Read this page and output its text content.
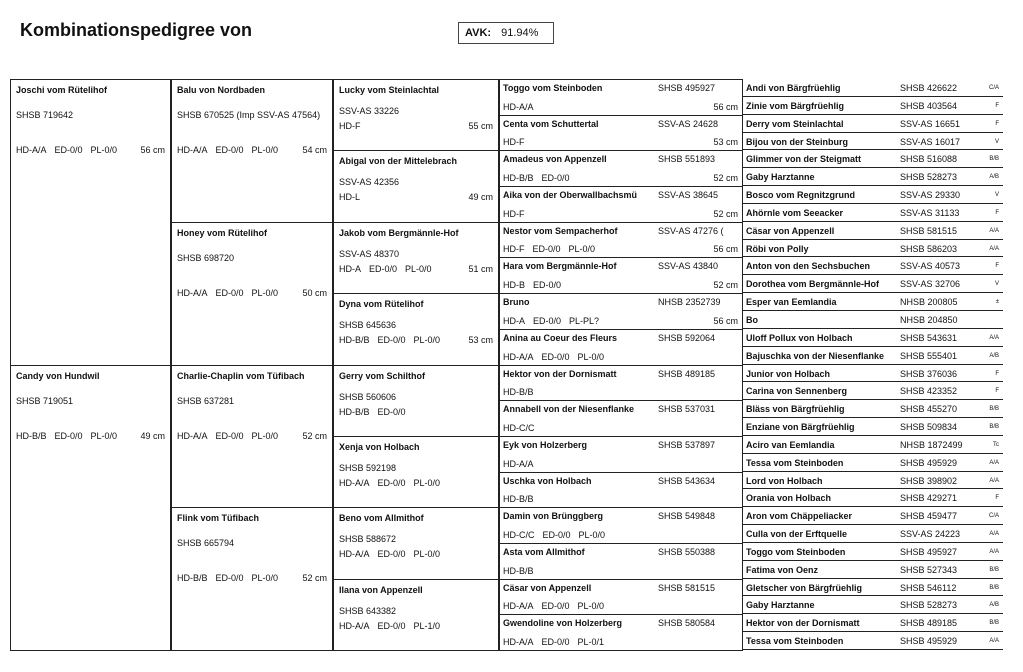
Kombinationspedigree von	AVK: 91.94%
Joschi vom Rütelihof
SHSB 719642
HD-A/A ED-0/0 PL-0/0	56 cm
Candy von Hundwil
SHSB 719051
HD-B/B ED-0/0 PL-0/0	49 cm
Balu von Nordbaden
SHSB 670525 (Imp SSV-AS 47564)
HD-A/A ED-0/0 PL-0/0	54 cm
Honey vom Rütelihof
SHSB 698720
HD-A/A ED-0/0 PL-0/0	50 cm
Charlie-Chaplin vom Tüfibach
SHSB 637281
HD-A/A ED-0/0 PL-0/0	52 cm
Flink vom Tüfibach
SHSB 665794
HD-B/B ED-0/0 PL-0/0	52 cm
Lucky vom Steinlachtal
SSV-AS 33226
HD-F	55 cm
Abigal von der Mittelebrach
SSV-AS 42356
HD-L	49 cm
Jakob vom Bergmännle-Hof
SSV-AS 48370
HD-A ED-0/0 PL-0/0	51 cm
Dyna vom Rütelihof
SHSB 645636
HD-B/B ED-0/0 PL-0/0	53 cm
Gerry vom Schilthof
SHSB 560606
HD-B/B ED-0/0
Xenja von Holbach
SHSB 592198
HD-A/A ED-0/0 PL-0/0
Beno vom Allmithof
SHSB 588672
HD-A/A ED-0/0 PL-0/0
Ilana von Appenzell
SHSB 643382
HD-A/A ED-0/0 PL-1/0
Toggo vom Steinboden	SHSB 495927
HD-A/A	56 cm
Centa vom Schuttertal	SSV-AS 24628
HD-F	53 cm
Amadeus von Appenzell	SHSB 551893
HD-B/B ED-0/0	52 cm
Aika von der Oberwallbachsmü SSV-AS 38645
HD-F	52 cm
Nestor vom Sempacherhof	SSV-AS 47276 (
HD-F ED-0/0 PL-0/0	56 cm
Hara vom Bergmännle-Hof	SSV-AS 43840
HD-B ED-0/0	52 cm
Bruno	NHSB 2352739
HD-A ED-0/0 PL-PL?	56 cm
Anina au Coeur des Fleurs	SHSB 592064
HD-A/A ED-0/0 PL-0/0
Hektor von der Dornismatt	SHSB 489185
HD-B/B
Annabell von der Niesenflanke	SHSB 537031
HD-C/C
Eyk von Holzerberg	SHSB 537897
HD-A/A
Uschka von Holbach	SHSB 543634
HD-B/B
Damin von Brünggberg	SHSB 549848
HD-C/C ED-0/0 PL-0/0
Asta vom Allmithof	SHSB 550388
HD-B/B
Cäsar von Appenzell	SHSB 581515
HD-A/A ED-0/0 PL-0/0
Gwendoline von Holzerberg	SHSB 580584
HD-A/A ED-0/0 PL-0/1
Andi von Bärgfrüehlig	SHSB 426622	C/A
Zinie vom Bärgfrüehlig	SHSB 403564	F
Derry vom Steinlachtal	SSV-AS 16651	F
Bijou von der Steinburg	SSV-AS 16017	V
Glimmer von der Steigmatt	SHSB 516088	B/B
Gaby Harztanne	SHSB 528273	A/B
Bosco vom Regnitzgrund	SSV-AS 29330	V
Ahörnle vom Seeacker	SSV-AS 31133	F
Cäsar von Appenzell	SHSB 581515	A/A
Röbi von Polly	SHSB 586203	A/A
Anton von den Sechsbuchen	SSV-AS 40573	F
Dorothea vom Bergmännle-Hof SSV-AS 32706	V
Esper van Eemlandia	NHSB 200805	±
Bo	NHSB 204850
Uloff Pollux von Holbach	SHSB 543631	A/A
Bajuschka von der Niesenflanke SHSB 555401	A/B
Junior von Holbach	SHSB 376036	F
Carina von Sennenberg	SHSB 423352	F
Bläss von Bärgfrüehlig	SHSB 455270	B/B
Enziane von Bärgfrüehlig	SHSB 509834	B/B
Aciro van Eemlandia	NHSB 1872499	Tc
Tessa vom Steinboden	SHSB 495929	A/A
Lord von Holbach	SHSB 398902	A/A
Orania von Holbach	SHSB 429271	F
Aron vom Chäppeliacker	SHSB 459477	C/A
Culla von der Erftquelle	SSV-AS 24223	A/A
Toggo vom Steinboden	SHSB 495927	A/A
Fatima von Oenz	SHSB 527343	B/B
Gletscher von Bärgfrüehlig	SHSB 546112	B/B
Gaby Harztanne	SHSB 528273	A/B
Hektor von der Dornismatt	SHSB 489185	B/B
Tessa vom Steinboden	SHSB 495929	A/A
